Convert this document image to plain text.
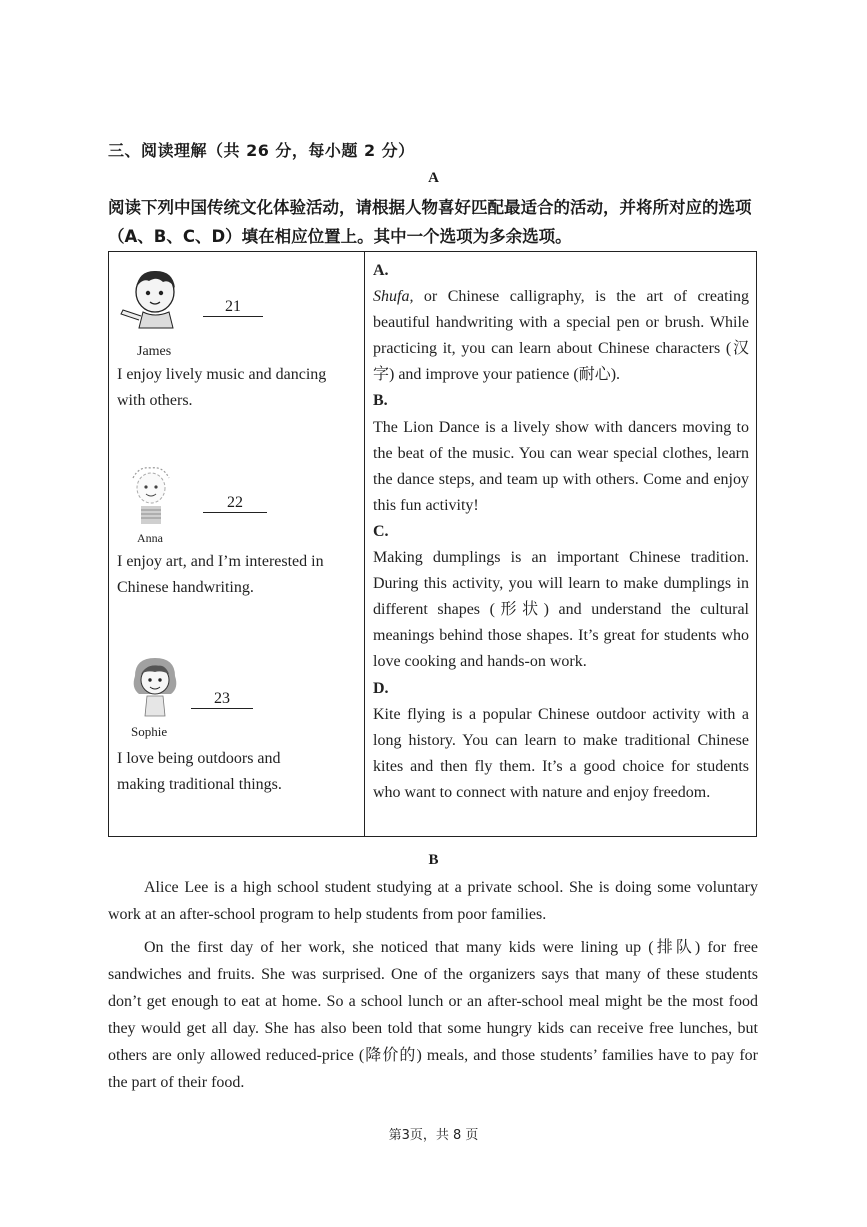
三、阅读理解（共 26 分，每小题 2 分）
A
阅读下列中国传统文化体验活动，请根据人物喜好匹配最适合的活动，并将所对应的选项（A、B、C、D）填在相应位置上。其中一个选项为多余选项。
21
James
I enjoy lively music and dancing with others.
22
Anna
I enjoy art, and I’m interested in Chinese handwriting.
23
Sophie
I love being outdoors and making traditional things.
A.
Shufa, or Chinese calligraphy, is the art of creating beautiful handwriting with a special pen or brush. While practicing it, you can learn about Chinese characters (汉字) and improve your patience (耐心).
B.
The Lion Dance is a lively show with dancers moving to the beat of the music. You can wear special clothes, learn the dance steps, and team up with others. Come and enjoy this fun activity!
C.
Making dumplings is an important Chinese tradition. During this activity, you will learn to make dumplings in different shapes (形状) and understand the cultural meanings behind those shapes. It’s great for students who love cooking and hands-on work.
D.
Kite flying is a popular Chinese outdoor activity with a long history. You can learn to make traditional Chinese kites and then fly them. It’s a good choice for students who want to connect with nature and enjoy freedom.
B
Alice Lee is a high school student studying at a private school. She is doing some voluntary work at an after-school program to help students from poor families.
On the first day of her work, she noticed that many kids were lining up (排队) for free sandwiches and fruits. She was surprised. One of the organizers says that many of these students don’t get enough to eat at home. So a school lunch or an after-school meal might be the most food they would get all day. She has also been told that some hungry kids can receive free lunches, but others are only allowed reduced-price (降价的) meals, and those students’ families have to pay for the part of their food.
第3页，共 8 页
